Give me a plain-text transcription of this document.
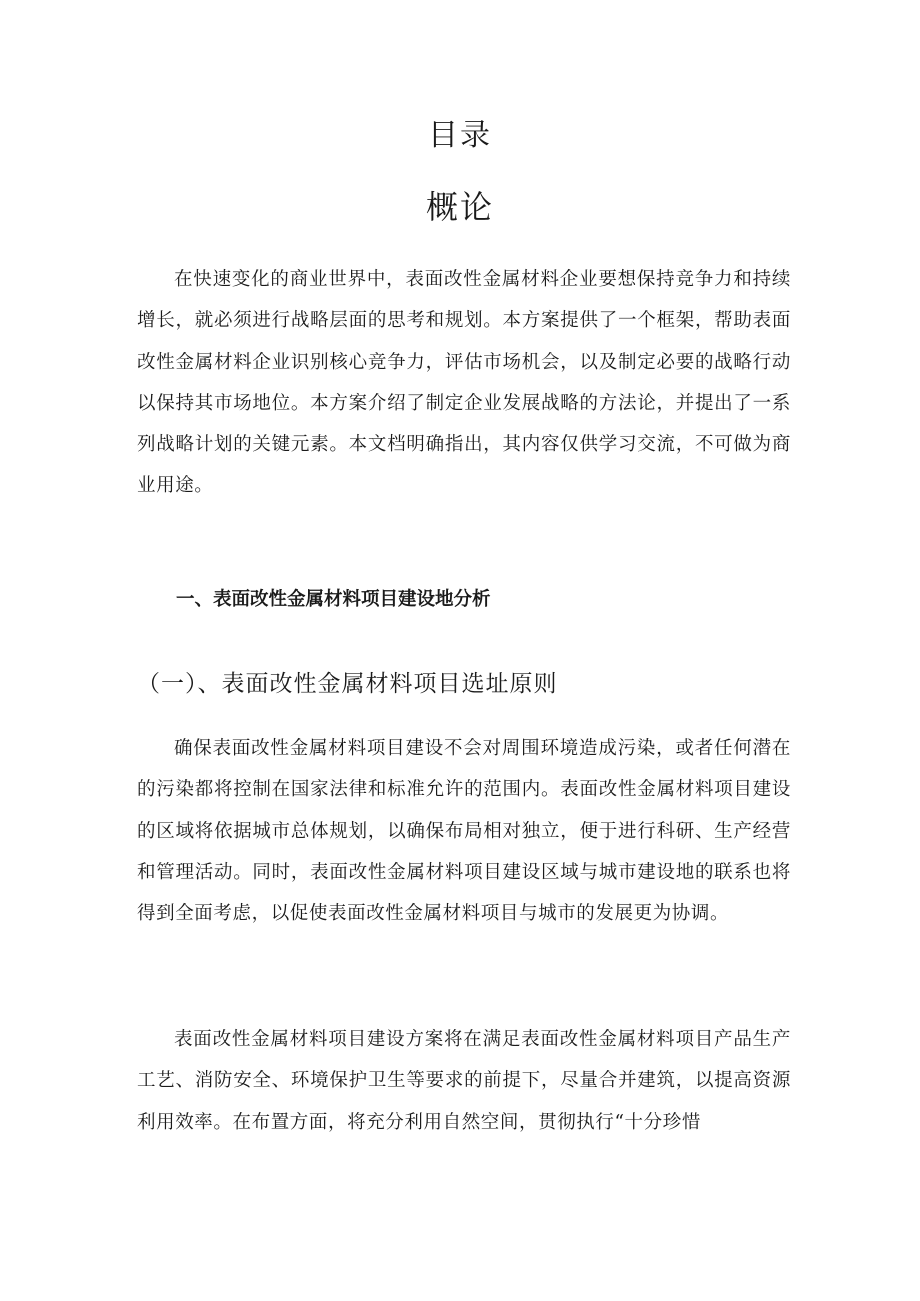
目录
概论

在快速变化的商业世界中，表面改性金属材料企业要想保持竞争力和持续增长，就必须进行战略层面的思考和规划。本方案提供了一个框架，帮助表面改性金属材料企业识别核心竞争力，评估市场机会，以及制定必要的战略行动以保持其市场地位。本方案介绍了制定企业发展战略的方法论，并提出了一系列战略计划的关键元素。本文档明确指出，其内容仅供学习交流，不可做为商业用途。

一、表面改性金属材料项目建设地分析
（一）、表面改性金属材料项目选址原则

确保表面改性金属材料项目建设不会对周围环境造成污染，或者任何潜在的污染都将控制在国家法律和标准允许的范围内。表面改性金属材料项目建设的区域将依据城市总体规划，以确保布局相对独立，便于进行科研、生产经营和管理活动。同时，表面改性金属材料项目建设区域与城市建设地的联系也将得到全面考虑，以促使表面改性金属材料项目与城市的发展更为协调。

表面改性金属材料项目建设方案将在满足表面改性金属材料项目产品生产工艺、消防安全、环境保护卫生等要求的前提下，尽量合并建筑，以提高资源利用效率。在布置方面，将充分利用自然空间，贯彻执行“十分珍惜
